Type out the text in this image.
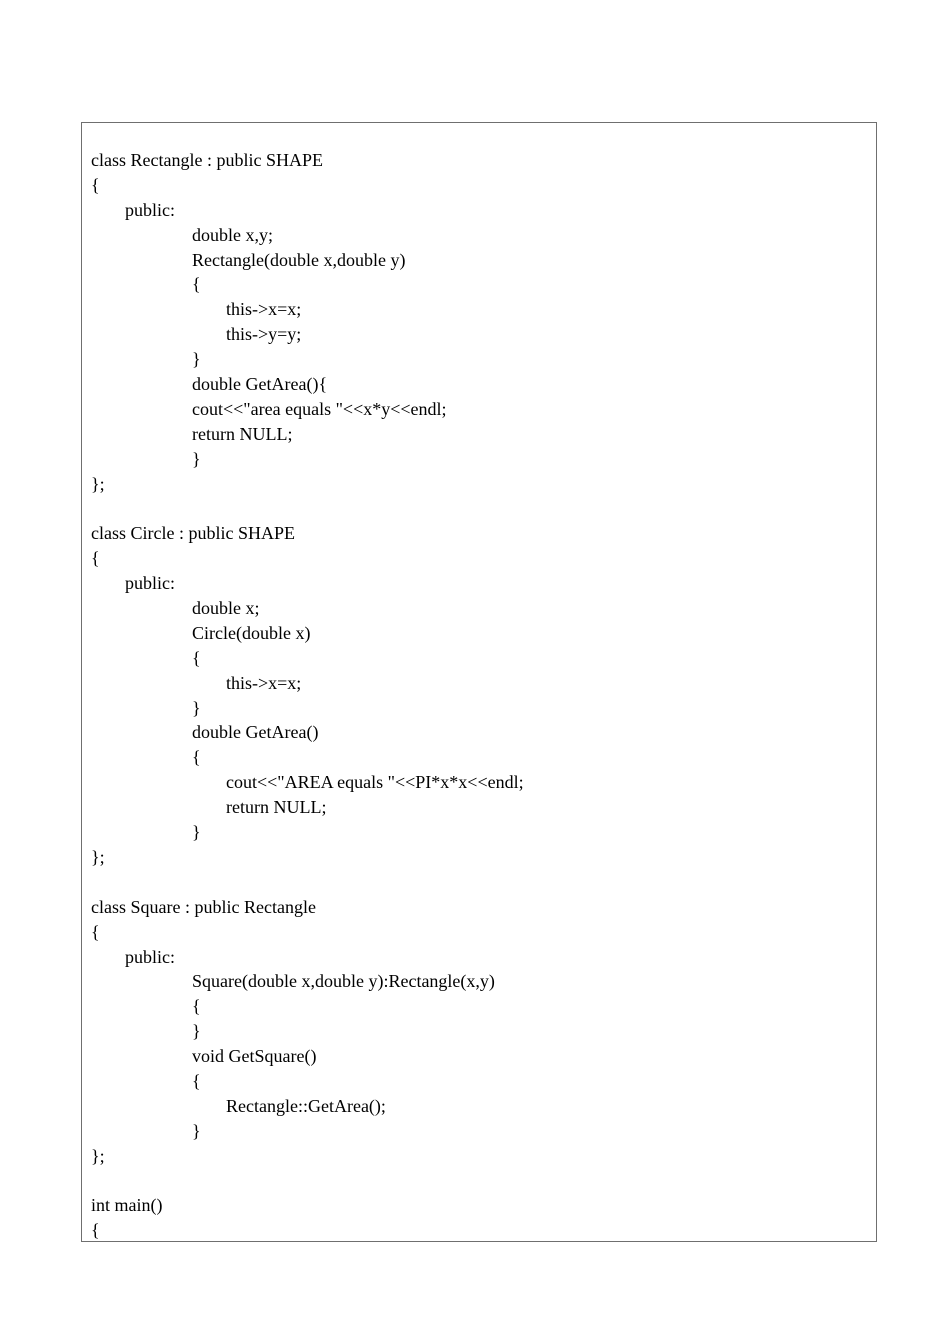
class Rectangle : public SHAPE
{
public:
double x,y;
Rectangle(double x,double y)
{
this->x=x;
this->y=y;
}
double GetArea(){
cout<<"area equals "<<x*y<<endl;
return NULL;
}
};
class Circle : public SHAPE
{
public:
double x;
Circle(double x)
{
this->x=x;
}
double GetArea()
{
cout<<"AREA equals "<<PI*x*x<<endl;
return NULL;
}
};
class Square : public Rectangle
{
public:
Square(double x,double y):Rectangle(x,y)
{
}
void GetSquare()
{
Rectangle::GetArea();
}
};
int main()
{
